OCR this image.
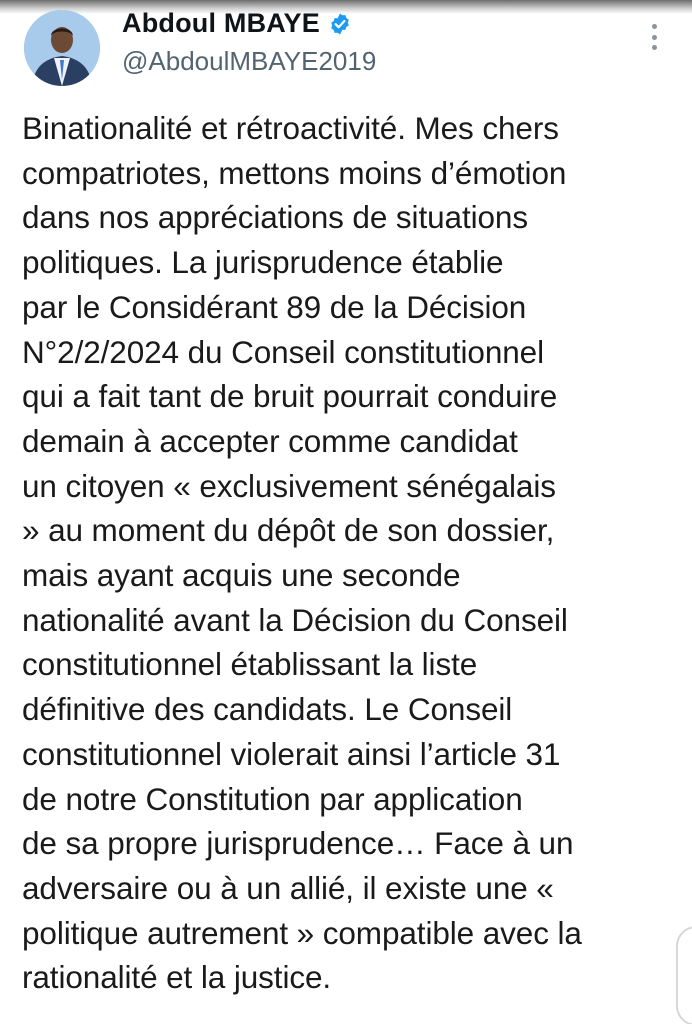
Abdoul MBAYE
@AbdoulMBAYE2019

Binationalité et rétroactivité. Mes chers
compatriotes, mettons moins d’émotion
dans nos appréciations de situations
politiques. La jurisprudence établie
par le Considérant 89 de la Décision
N°2/2/2024 du Conseil constitutionnel
qui a fait tant de bruit pourrait conduire
demain à accepter comme candidat
un citoyen « exclusivement sénégalais
» au moment du dépôt de son dossier,
mais ayant acquis une seconde
nationalité avant la Décision du Conseil
constitutionnel établissant la liste
définitive des candidats. Le Conseil
constitutionnel violerait ainsi l’article 31
de notre Constitution par application
de sa propre jurisprudence… Face à un
adversaire ou à un allié, il existe une «
politique autrement » compatible avec la
rationalité et la justice.
